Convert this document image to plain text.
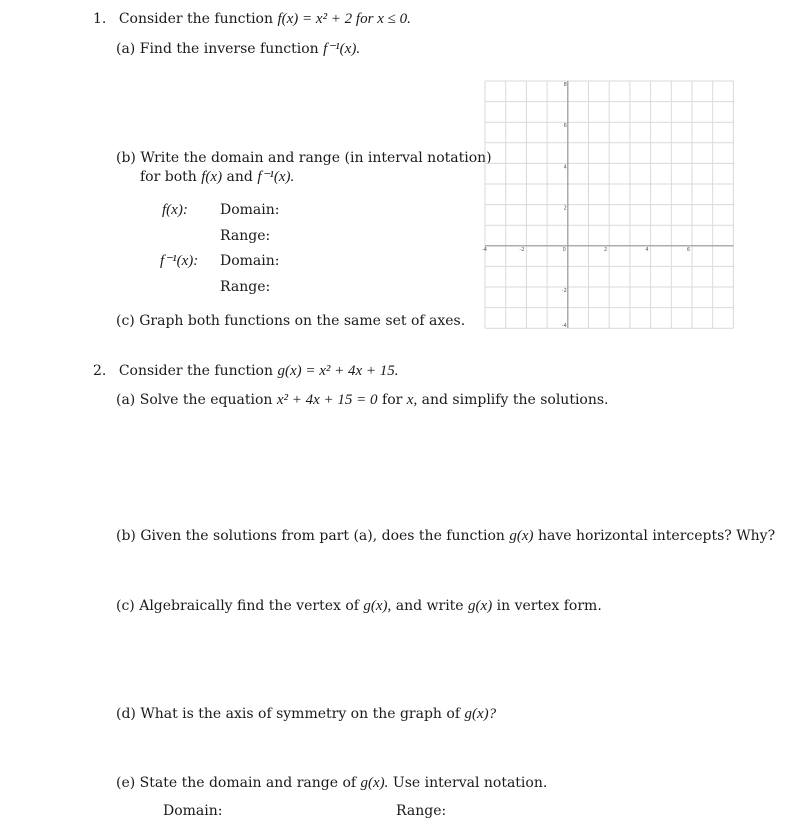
1. Consider the function f(x) = x² + 2 for x ≤ 0.
(a) Find the inverse function f⁻¹(x).
(b) Write the domain and range (in interval notation)
for both f(x) and f⁻¹(x).
f(x): Domain:
Range:
f⁻¹(x): Domain:
Range:
(c) Graph both functions on the same set of axes.
-4	-2	0	2	4	6
8
6
4
2
-2
-4
2. Consider the function g(x) = x² + 4x + 15.
(a) Solve the equation x² + 4x + 15 = 0 for x, and simplify the solutions.
(b) Given the solutions from part (a), does the function g(x) have horizontal intercepts? Why?
(c) Algebraically find the vertex of g(x), and write g(x) in vertex form.
(d) What is the axis of symmetry on the graph of g(x)?
(e) State the domain and range of g(x). Use interval notation.
Domain:	Range:
